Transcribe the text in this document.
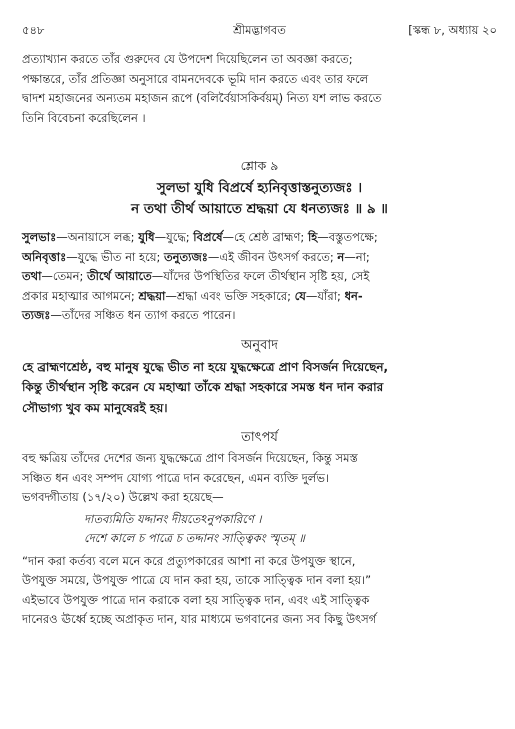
৫৪৮	শ্রীমদ্ভাগবত	[স্কন্ধ ৮, অধ্যায় ২০
প্রত্যাখ্যান করতে তাঁর গুরুদেব যে উপদেশ দিয়েছিলেন তা অবজ্ঞা করতে;
পক্ষান্তরে, তাঁর প্রতিজ্ঞা অনুসারে বামনদেবকে ভূমি দান করতে এবং তার ফলে
দ্বাদশ মহাজনের অন্যতম মহাজন রূপে (বলির্বৈয়াসকির্বয়ম্) নিত্য যশ লাভ করতে
তিনি বিবেচনা করেছিলেন ।
শ্লোক ৯
সুলভা যুধি বিপ্রর্ষে হ্যনিবৃত্তাস্তনুত্যজঃ ।
ন তথা তীর্থ আয়াতে শ্রদ্ধয়া যে ধনত্যজঃ ॥ ৯ ॥
সুলভাঃ—অনায়াসে লব্ধ; যুধি—যুদ্ধে; বিপ্রর্ষে—হে শ্রেষ্ঠ ব্রাহ্মণ; হি—বস্তুতপক্ষে;
অনিবৃত্তাঃ—যুদ্ধে ভীত না হয়ে; তনুত্যজঃ—এই জীবন উৎসর্গ করতে; ন—না;
তথা—তেমন; তীর্থে আয়াতে—যাঁদের উপস্থিতির ফলে তীর্থস্থান সৃষ্টি হয়, সেই
প্রকার মহাত্মার আগমনে; শ্রদ্ধয়া—শ্রদ্ধা এবং ভক্তি সহকারে; যে—যাঁরা; ধন-
ত্যজঃ—তাঁদের সঞ্চিত ধন ত্যাগ করতে পারেন।
অনুবাদ
হে ব্রাহ্মণশ্রেষ্ঠ, বহু মানুষ যুদ্ধে ভীত না হয়ে যুদ্ধক্ষেত্রে প্রাণ বিসর্জন দিয়েছেন,
কিন্তু তীর্থস্থান সৃষ্টি করেন যে মহাত্মা তাঁকে শ্রদ্ধা সহকারে সমস্ত ধন দান করার
সৌভাগ্য খুব কম মানুষেরই হয়।
তাৎপর্য
বহু ক্ষত্রিয় তাঁদের দেশের জন্য যুদ্ধক্ষেত্রে প্রাণ বিসর্জন দিয়েছেন, কিন্তু সমস্ত
সঞ্চিত ধন এবং সম্পদ যোগ্য পাত্রে দান করেছেন, এমন ব্যক্তি দুর্লভ।
ভগবদ্গীতায় (১৭/২০) উল্লেখ করা হয়েছে—
দাতব্যমিতি যদ্দানং দীয়তেঽনুপকারিণে ।
দেশে কালে চ পাত্রে চ তদ্দানং সাত্ত্বিকং স্মৃতম্ ॥
“দান করা কর্তব্য বলে মনে করে প্রত্যুপকারের আশা না করে উপযুক্ত স্থানে,
উপযুক্ত সময়ে, উপযুক্ত পাত্রে যে দান করা হয়, তাকে সাত্ত্বিক দান বলা হয়।”
এইভাবে উপযুক্ত পাত্রে দান করাকে বলা হয় সাত্ত্বিক দান, এবং এই সাত্ত্বিক
দানেরও ঊর্ধ্বে হচ্ছে অপ্রাকৃত দান, যার মাধ্যমে ভগবানের জন্য সব কিছু উৎসর্গ
